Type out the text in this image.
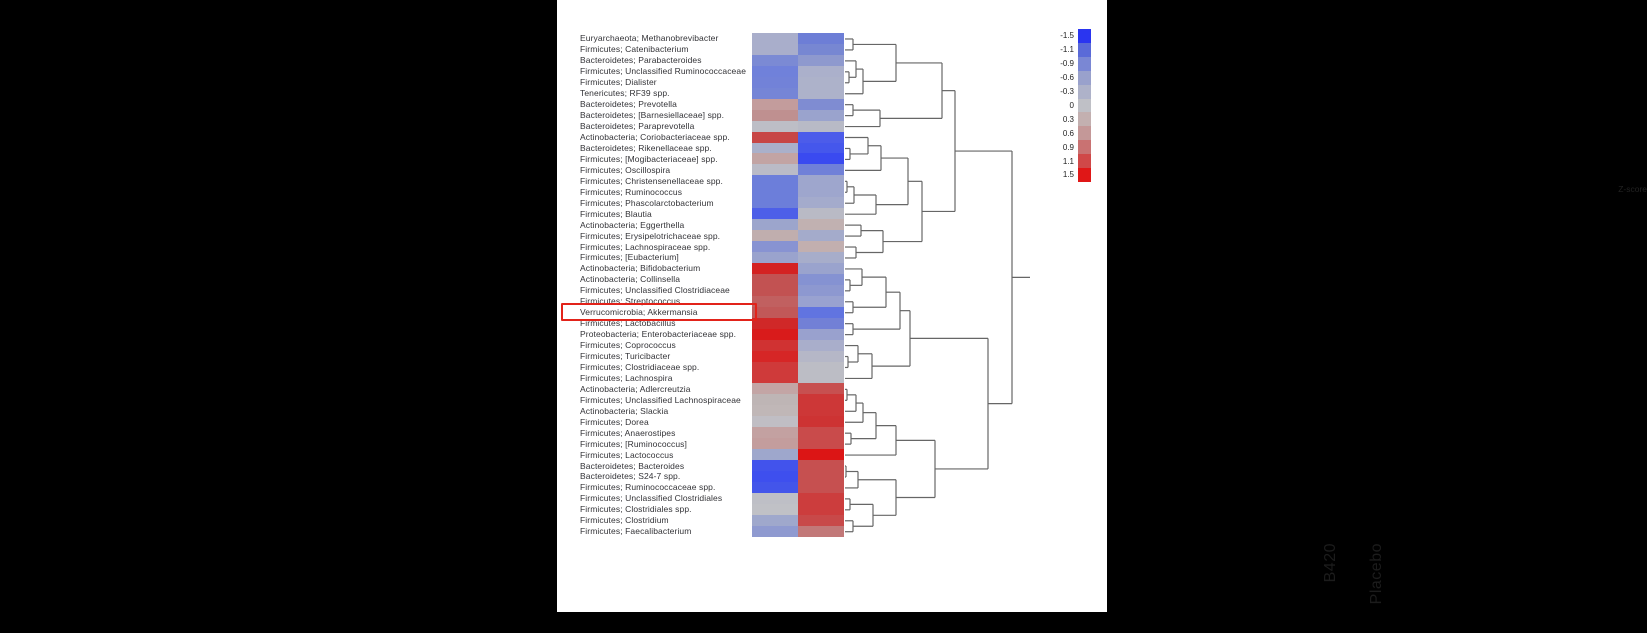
Euryarchaeota; Methanobrevibacter
Firmicutes; Catenibacterium
Bacteroidetes; Parabacteroides
Firmicutes; Unclassified Ruminococcaceae
Firmicutes; Dialister
Tenericutes; RF39 spp.
Bacteroidetes; Prevotella
Bacteroidetes; [Barnesiellaceae] spp.
Bacteroidetes; Paraprevotella
Actinobacteria; Coriobacteriaceae spp.
Bacteroidetes; Rikenellaceae spp.
Firmicutes; [Mogibacteriaceae] spp.
Firmicutes; Oscillospira
Firmicutes; Christensenellaceae spp.
Firmicutes; Ruminococcus
Firmicutes; Phascolarctobacterium
Firmicutes; Blautia
Actinobacteria; Eggerthella
Firmicutes; Erysipelotrichaceae spp.
Firmicutes; Lachnospiraceae spp.
Firmicutes; [Eubacterium]
Actinobacteria; Bifidobacterium
Actinobacteria; Collinsella
Firmicutes; Unclassified Clostridiaceae
Firmicutes; Streptococcus
Verrucomicrobia; Akkermansia
Firmicutes; Lactobacillus
Proteobacteria; Enterobacteriaceae spp.
Firmicutes; Coprococcus
Firmicutes; Turicibacter
Firmicutes; Clostridiaceae spp.
Firmicutes; Lachnospira
Actinobacteria; Adlercreutzia
Firmicutes; Unclassified Lachnospiraceae
Actinobacteria; Slackia
Firmicutes; Dorea
Firmicutes; Anaerostipes
Firmicutes; [Ruminococcus]
Firmicutes; Lactococcus
Bacteroidetes; Bacteroides
Bacteroidetes; S24-7 spp.
Firmicutes; Ruminococcaceae spp.
Firmicutes; Unclassified Clostridiales
Firmicutes; Clostridiales spp.
Firmicutes; Clostridium
Firmicutes; Faecalibacterium
B420 Placebo
-1.5
-1.1
-0.9
-0.6
-0.3
0
0.3
0.6
0.9
1.1
1.5
Z-score
